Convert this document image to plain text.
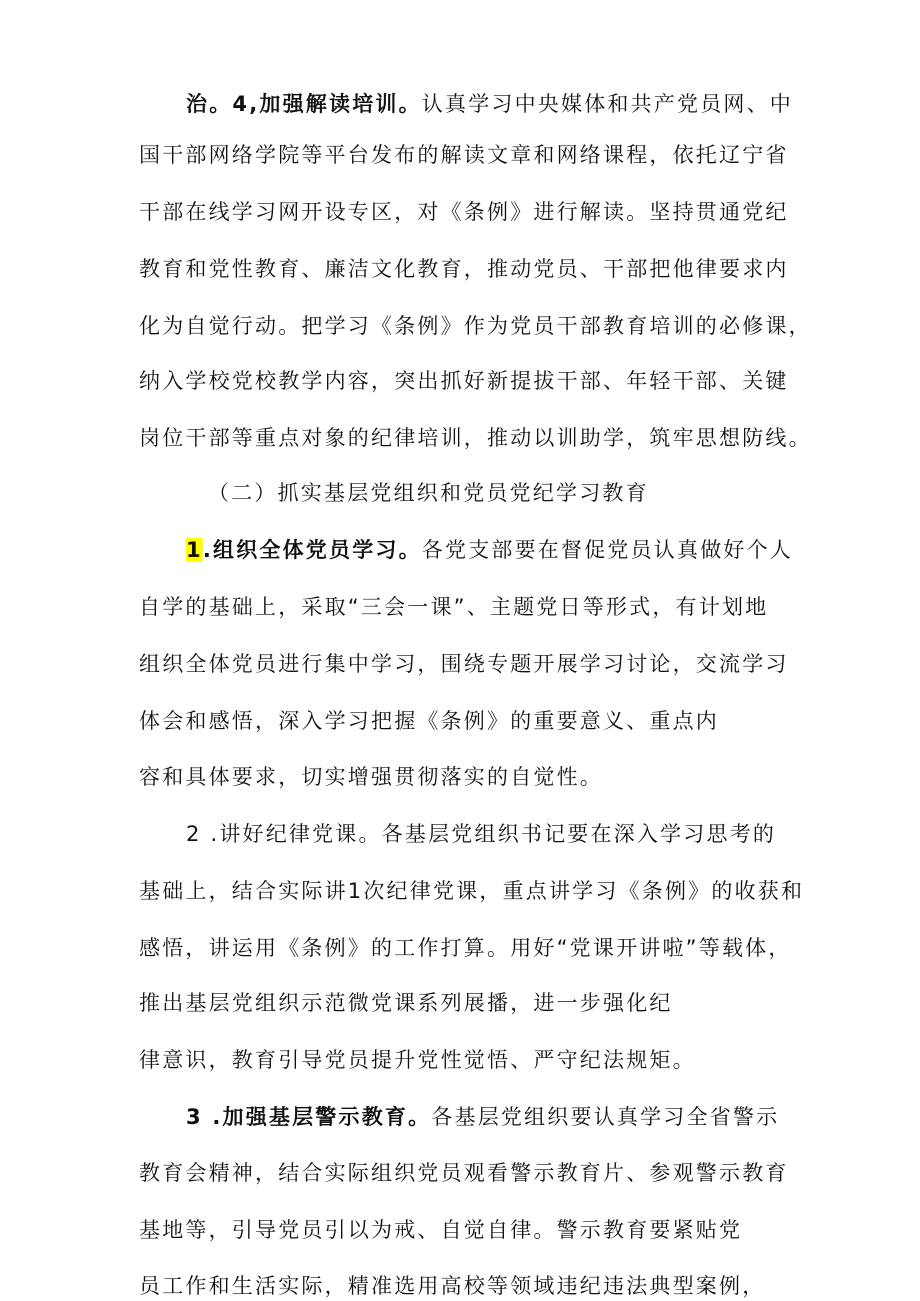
治。4,加强解读培训。认真学习中央媒体和共产党员网、中
国干部网络学院等平台发布的解读文章和网络课程，依托辽宁省
干部在线学习网开设专区，对《条例》进行解读。坚持贯通党纪
教育和党性教育、廉洁文化教育，推动党员、干部把他律要求内
化为自觉行动。把学习《条例》作为党员干部教育培训的必修课，
纳入学校党校教学内容，突出抓好新提拔干部、年轻干部、关键
岗位干部等重点对象的纪律培训，推动以训助学，筑牢思想防线。
（二）抓实基层党组织和党员党纪学习教育
1.组织全体党员学习。各党支部要在督促党员认真做好个人
自学的基础上，采取“三会一课”、主题党日等形式，有计划地
组织全体党员进行集中学习，围绕专题开展学习讨论，交流学习
体会和感悟，深入学习把握《条例》的重要意义、重点内
容和具体要求，切实增强贯彻落实的自觉性。
2 .讲好纪律党课。各基层党组织书记要在深入学习思考的
基础上，结合实际讲1次纪律党课，重点讲学习《条例》的收获和
感悟，讲运用《条例》的工作打算。用好“党课开讲啦”等载体，
推出基层党组织示范微党课系列展播，进一步强化纪
律意识，教育引导党员提升党性觉悟、严守纪法规矩。
3 .加强基层警示教育。各基层党组织要认真学习全省警示
教育会精神，结合实际组织党员观看警示教育片、参观警示教育
基地等，引导党员引以为戒、自觉自律。警示教育要紧贴党
员工作和生活实际，精准选用高校等领域违纪违法典型案例，
